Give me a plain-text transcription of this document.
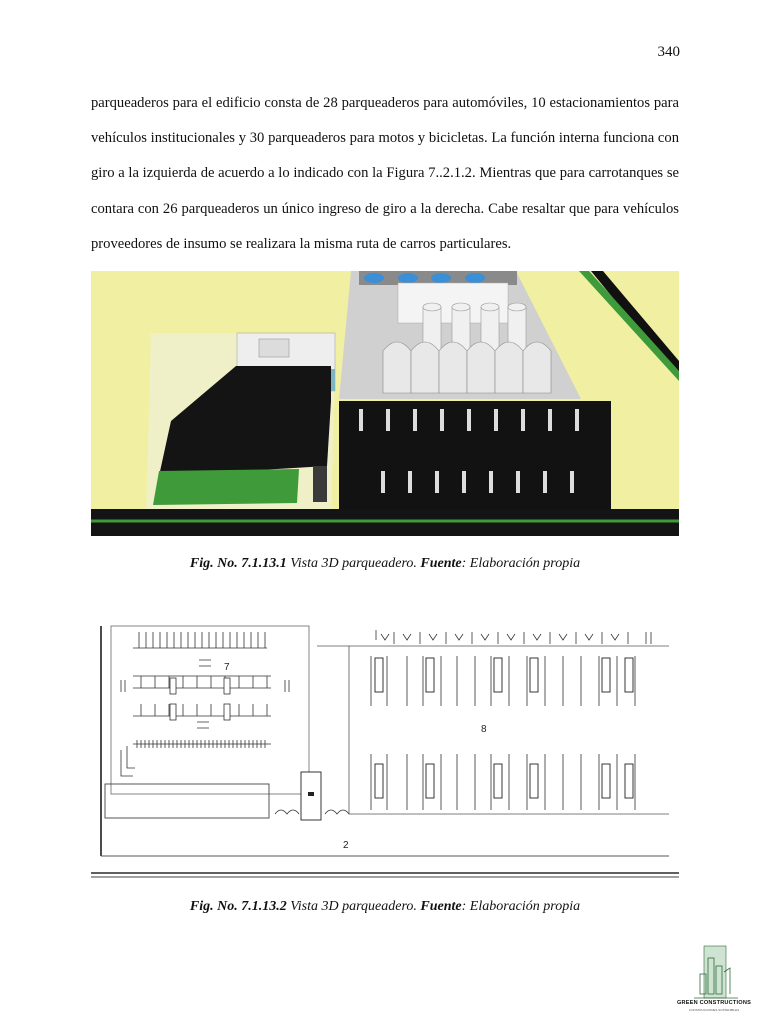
340

parqueaderos para el edificio consta de 28 parqueaderos para automóviles, 10 estacionamientos para vehículos institucionales y 30 parqueaderos para motos y bicicletas. La función interna funciona con giro a la izquierda de acuerdo a lo indicado con la Figura 7..2.1.2. Mientras que para carrotanques se contara con 26 parqueaderos un único ingreso de giro a la derecha. Cabe resaltar que para vehículos proveedores de insumo se realizara la misma ruta de carros particulares.

Fig. No. 7.1.13.1 Vista 3D parqueadero. Fuente: Elaboración propia
7
8
2
Fig. No. 7.1.13.2 Vista 3D parqueadero. Fuente: Elaboración propia
GREEN CONSTRUCTIONS
CONSTRUCCIONES SOSTENIBLES
